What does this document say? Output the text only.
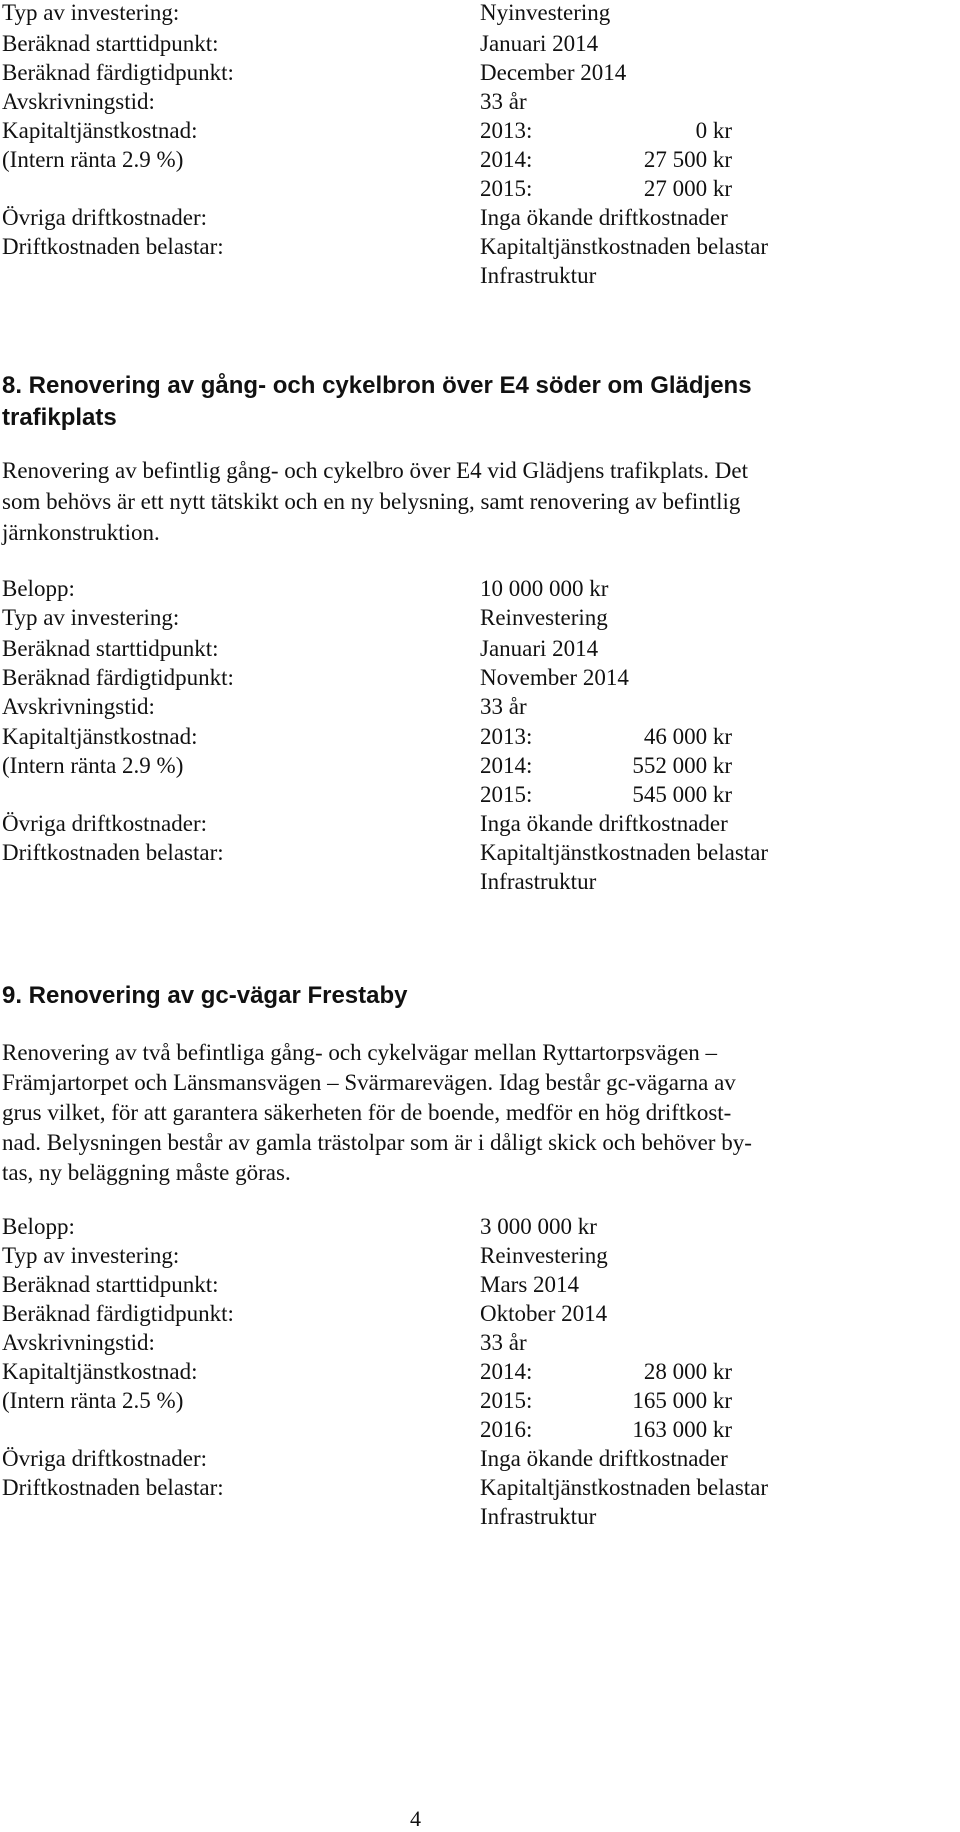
Typ av investering:	Nyinvestering
Beräknad starttidpunkt:	Januari 2014
Beräknad färdigtidpunkt:	December 2014
Avskrivningstid:	33 år
Kapitaltjänstkostnad:	2013:	0 kr
(Intern ränta 2.9 %)	2014:	27 500 kr
2015:	27 000 kr
Övriga driftkostnader:	Inga ökande driftkostnader
Driftkostnaden belastar:	Kapitaltjänstkostnaden belastar
Infrastruktur
8. Renovering av gång- och cykelbron över E4 söder om Glädjens
trafikplats
Renovering av befintlig gång- och cykelbro över E4 vid Glädjens trafikplats. Det
som behövs är ett nytt tätskikt och en ny belysning, samt renovering av befintlig
järnkonstruktion.
Belopp:	10 000 000 kr
Typ av investering:	Reinvestering
Beräknad starttidpunkt:	Januari 2014
Beräknad färdigtidpunkt:	November 2014
Avskrivningstid:	33 år
Kapitaltjänstkostnad:	2013:	46 000 kr
(Intern ränta 2.9 %)	2014:	552 000 kr
2015:	545 000 kr
Övriga driftkostnader:	Inga ökande driftkostnader
Driftkostnaden belastar:	Kapitaltjänstkostnaden belastar
Infrastruktur
9. Renovering av gc-vägar Frestaby
Renovering av två befintliga gång- och cykelvägar mellan Ryttartorpsvägen –
Främjartorpet och Länsmansvägen – Svärmarevägen. Idag består gc-vägarna av
grus vilket, för att garantera säkerheten för de boende, medför en hög driftkost-
nad. Belysningen består av gamla trästolpar som är i dåligt skick och behöver by-
tas, ny beläggning måste göras.
Belopp:	3 000 000 kr
Typ av investering:	Reinvestering
Beräknad starttidpunkt:	Mars 2014
Beräknad färdigtidpunkt:	Oktober 2014
Avskrivningstid:	33 år
Kapitaltjänstkostnad:	2014:	28 000 kr
(Intern ränta 2.5 %)	2015:	165 000 kr
2016:	163 000 kr
Övriga driftkostnader:	Inga ökande driftkostnader
Driftkostnaden belastar:	Kapitaltjänstkostnaden belastar
Infrastruktur
4
